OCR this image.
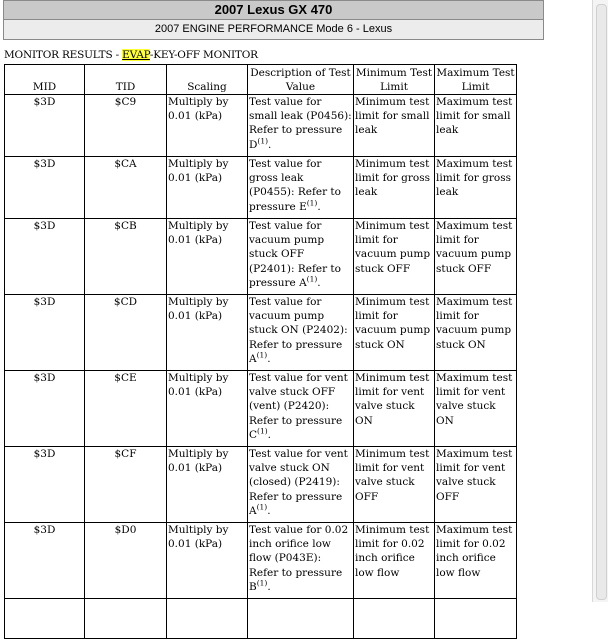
2007 Lexus GX 470
2007 ENGINE PERFORMANCE Mode 6 - Lexus
MONITOR RESULTS - EVAP-KEY-OFF MONITOR
MID	TID	Scaling	Description of Test Value	Minimum Test Limit	Maximum Test Limit
$3D	$C9	Multiply by 0.01 (kPa)	Test value for small leak (P0456): Refer to pressure $D^{(1)}$.	Minimum test limit for small leak	Maximum test limit for small leak
$3D	$CA	Multiply by 0.01 (kPa)	Test value for gross leak (P0455): Refer to pressure $E^{(1)}$.	Minimum test limit for gross leak	Maximum test limit for gross leak
$3D	$CB	Multiply by 0.01 (kPa)	Test value for vacuum pump stuck OFF (P2401): Refer to pressure $A^{(1)}$.	Minimum test limit for vacuum pump stuck OFF	Maximum test limit for vacuum pump stuck OFF
$3D	$CD	Multiply by 0.01 (kPa)	Test value for vacuum pump stuck ON (P2402): Refer to pressure $A^{(1)}$.	Minimum test limit for vacuum pump stuck ON	Maximum test limit for vacuum pump stuck ON
$3D	$CE	Multiply by 0.01 (kPa)	Test value for vent valve stuck OFF (vent) (P2420): Refer to pressure $C^{(1)}$.	Minimum test limit for vent valve stuck ON	Maximum test limit for vent valve stuck ON
$3D	$CF	Multiply by 0.01 (kPa)	Test value for vent valve stuck ON (closed) (P2419): Refer to pressure $A^{(1)}$.	Minimum test limit for vent valve stuck OFF	Maximum test limit for vent valve stuck OFF
$3D	$D0	Multiply by 0.01 (kPa)	Test value for 0.02 inch orifice low flow (P043E): Refer to pressure $B^{(1)}$.	Minimum test limit for 0.02 inch orifice low flow	Maximum test limit for 0.02 inch orifice low flow
